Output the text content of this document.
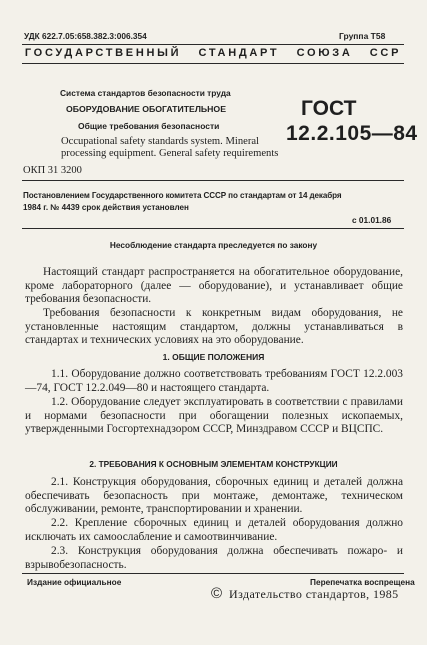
УДК 622.7.05:658.382.3:006.354	Группа Т58
ГОСУДАРСТВЕННЫЙ   СТАНДАРТ   СОЮЗА   ССР
Система стандартов безопасности труда
ОБОРУДОВАНИЕ ОБОГАТИТЕЛЬНОЕ
Общие требования безопасности
Occupational safety standards system. Mineral
processing equipment. General safety requirements
ГОСТ
12.2.105—84
ОКП 31 3200
Постановлением Государственного комитета СССР по стандартам от 14 декабря
1984 г. № 4439 срок действия установлен
с 01.01.86
Несоблюдение стандарта преследуется по закону
Настоящий стандарт распространяется на обогатительное оборудование, кроме лабораторного (далее — оборудование), и устанавливает общие требования безопасности.
Требования безопасности к конкретным видам оборудования, не установленные настоящим стандартом, должны устанавливаться в стандартах и технических условиях на это оборудование.
1. ОБЩИЕ ПОЛОЖЕНИЯ
1.1. Оборудование должно соответствовать требованиям ГОСТ 12.2.003—74, ГОСТ 12.2.049—80 и настоящего стандарта.
1.2. Оборудование следует эксплуатировать в соответствии с правилами и нормами безопасности при обогащении полезных ископаемых, утвержденными Госгортехнадзором СССР, Минздравом СССР и ВЦСПС.
2. ТРЕБОВАНИЯ К ОСНОВНЫМ ЭЛЕМЕНТАМ КОНСТРУКЦИИ
2.1. Конструкция оборудования, сборочных единиц и деталей должна обеспечивать безопасность при монтаже, демонтаже, техническом обслуживании, ремонте, транспортировании и хранении.
2.2. Крепление сборочных единиц и деталей оборудования должно исключать их самоослабление и самоотвинчивание.
2.3. Конструкция оборудования должна обеспечивать пожаро- и взрывобезопасность.
Издание официальное	Перепечатка воспрещена
© Издательство стандартов, 1985
